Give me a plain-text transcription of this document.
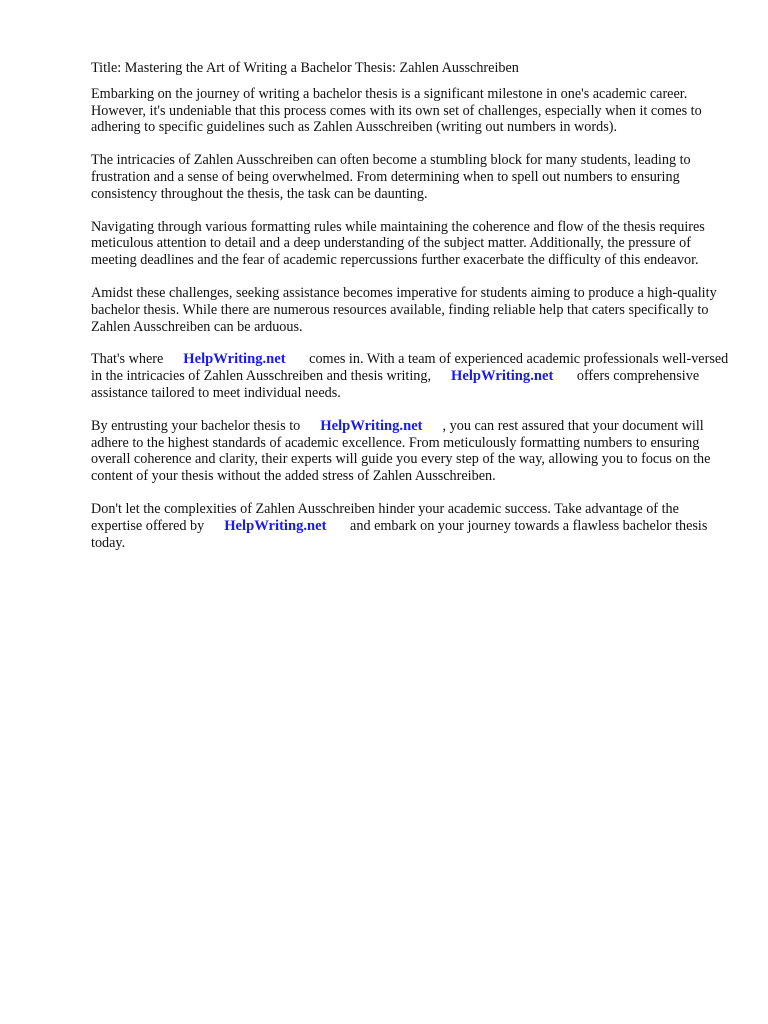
Title: Mastering the Art of Writing a Bachelor Thesis: Zahlen Ausschreiben

Embarking on the journey of writing a bachelor thesis is a significant milestone in one's academic career. However, it's undeniable that this process comes with its own set of challenges, especially when it comes to adhering to specific guidelines such as Zahlen Ausschreiben (writing out numbers in words).

The intricacies of Zahlen Ausschreiben can often become a stumbling block for many students, leading to frustration and a sense of being overwhelmed. From determining when to spell out numbers to ensuring consistency throughout the thesis, the task can be daunting.

Navigating through various formatting rules while maintaining the coherence and flow of the thesis requires meticulous attention to detail and a deep understanding of the subject matter. Additionally, the pressure of meeting deadlines and the fear of academic repercussions further exacerbate the difficulty of this endeavor.

Amidst these challenges, seeking assistance becomes imperative for students aiming to produce a high-quality bachelor thesis. While there are numerous resources available, finding reliable help that caters specifically to Zahlen Ausschreiben can be arduous.

That's where HelpWriting.net comes in. With a team of experienced academic professionals well-versed in the intricacies of Zahlen Ausschreiben and thesis writing, HelpWriting.net offers comprehensive assistance tailored to meet individual needs.

By entrusting your bachelor thesis to HelpWriting.net , you can rest assured that your document will adhere to the highest standards of academic excellence. From meticulously formatting numbers to ensuring overall coherence and clarity, their experts will guide you every step of the way, allowing you to focus on the content of your thesis without the added stress of Zahlen Ausschreiben.

Don't let the complexities of Zahlen Ausschreiben hinder your academic success. Take advantage of the expertise offered by HelpWriting.net and embark on your journey towards a flawless bachelor thesis today.
